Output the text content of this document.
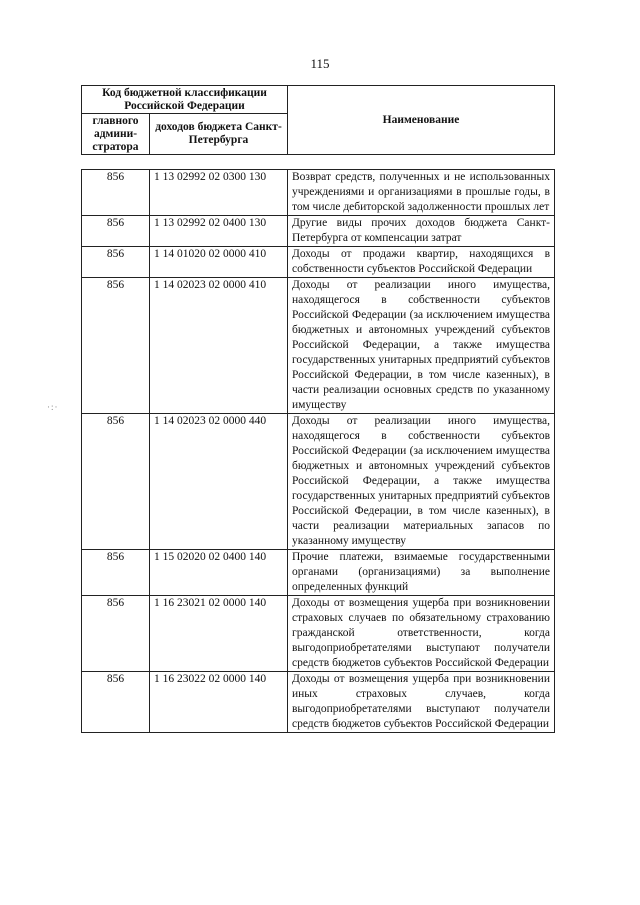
115
Код бюджетной классификации Российской Федерации		Наименование
главного админи-стратора	доходов бюджета Санкт-Петербурга	
856	1 13 02992 02 0300 130	Возврат средств, полученных и не использованных учреждениями и организациями в прошлые годы, в том числе дебиторской задолженности прошлых лет
856	1 13 02992 02 0400 130	Другие виды прочих доходов бюджета Санкт-Петербурга от компенсации затрат
856	1 14 01020 02 0000 410	Доходы от продажи квартир, находящихся в собственности субъектов Российской Федерации
856	1 14 02023 02 0000 410	Доходы от реализации иного имущества, находящегося в собственности субъектов Российской Федерации (за исключением имущества бюджетных и автономных учреждений субъектов Российской Федерации, а также имущества государственных унитарных предприятий субъектов Российской Федерации, в том числе казенных), в части реализации основных средств по указанному имуществу
856	1 14 02023 02 0000 440	Доходы от реализации иного имущества, находящегося в собственности субъектов Российской Федерации (за исключением имущества бюджетных и автономных учреждений субъектов Российской Федерации, а также имущества государственных унитарных предприятий субъектов Российской Федерации, в том числе казенных), в части реализации материальных запасов по указанному имуществу
856	1 15 02020 02 0400 140	Прочие платежи, взимаемые государственными органами (организациями) за выполнение определенных функций
856	1 16 23021 02 0000 140	Доходы от возмещения ущерба при возникновении страховых случаев по обязательному страхованию гражданской ответственности, когда выгодоприобретателями выступают получатели средств бюджетов субъектов Российской Федерации
856	1 16 23022 02 0000 140	Доходы от возмещения ущерба при возникновении иных страховых случаев, когда выгодоприобретателями выступают получатели средств бюджетов субъектов Российской Федерации
·:·
